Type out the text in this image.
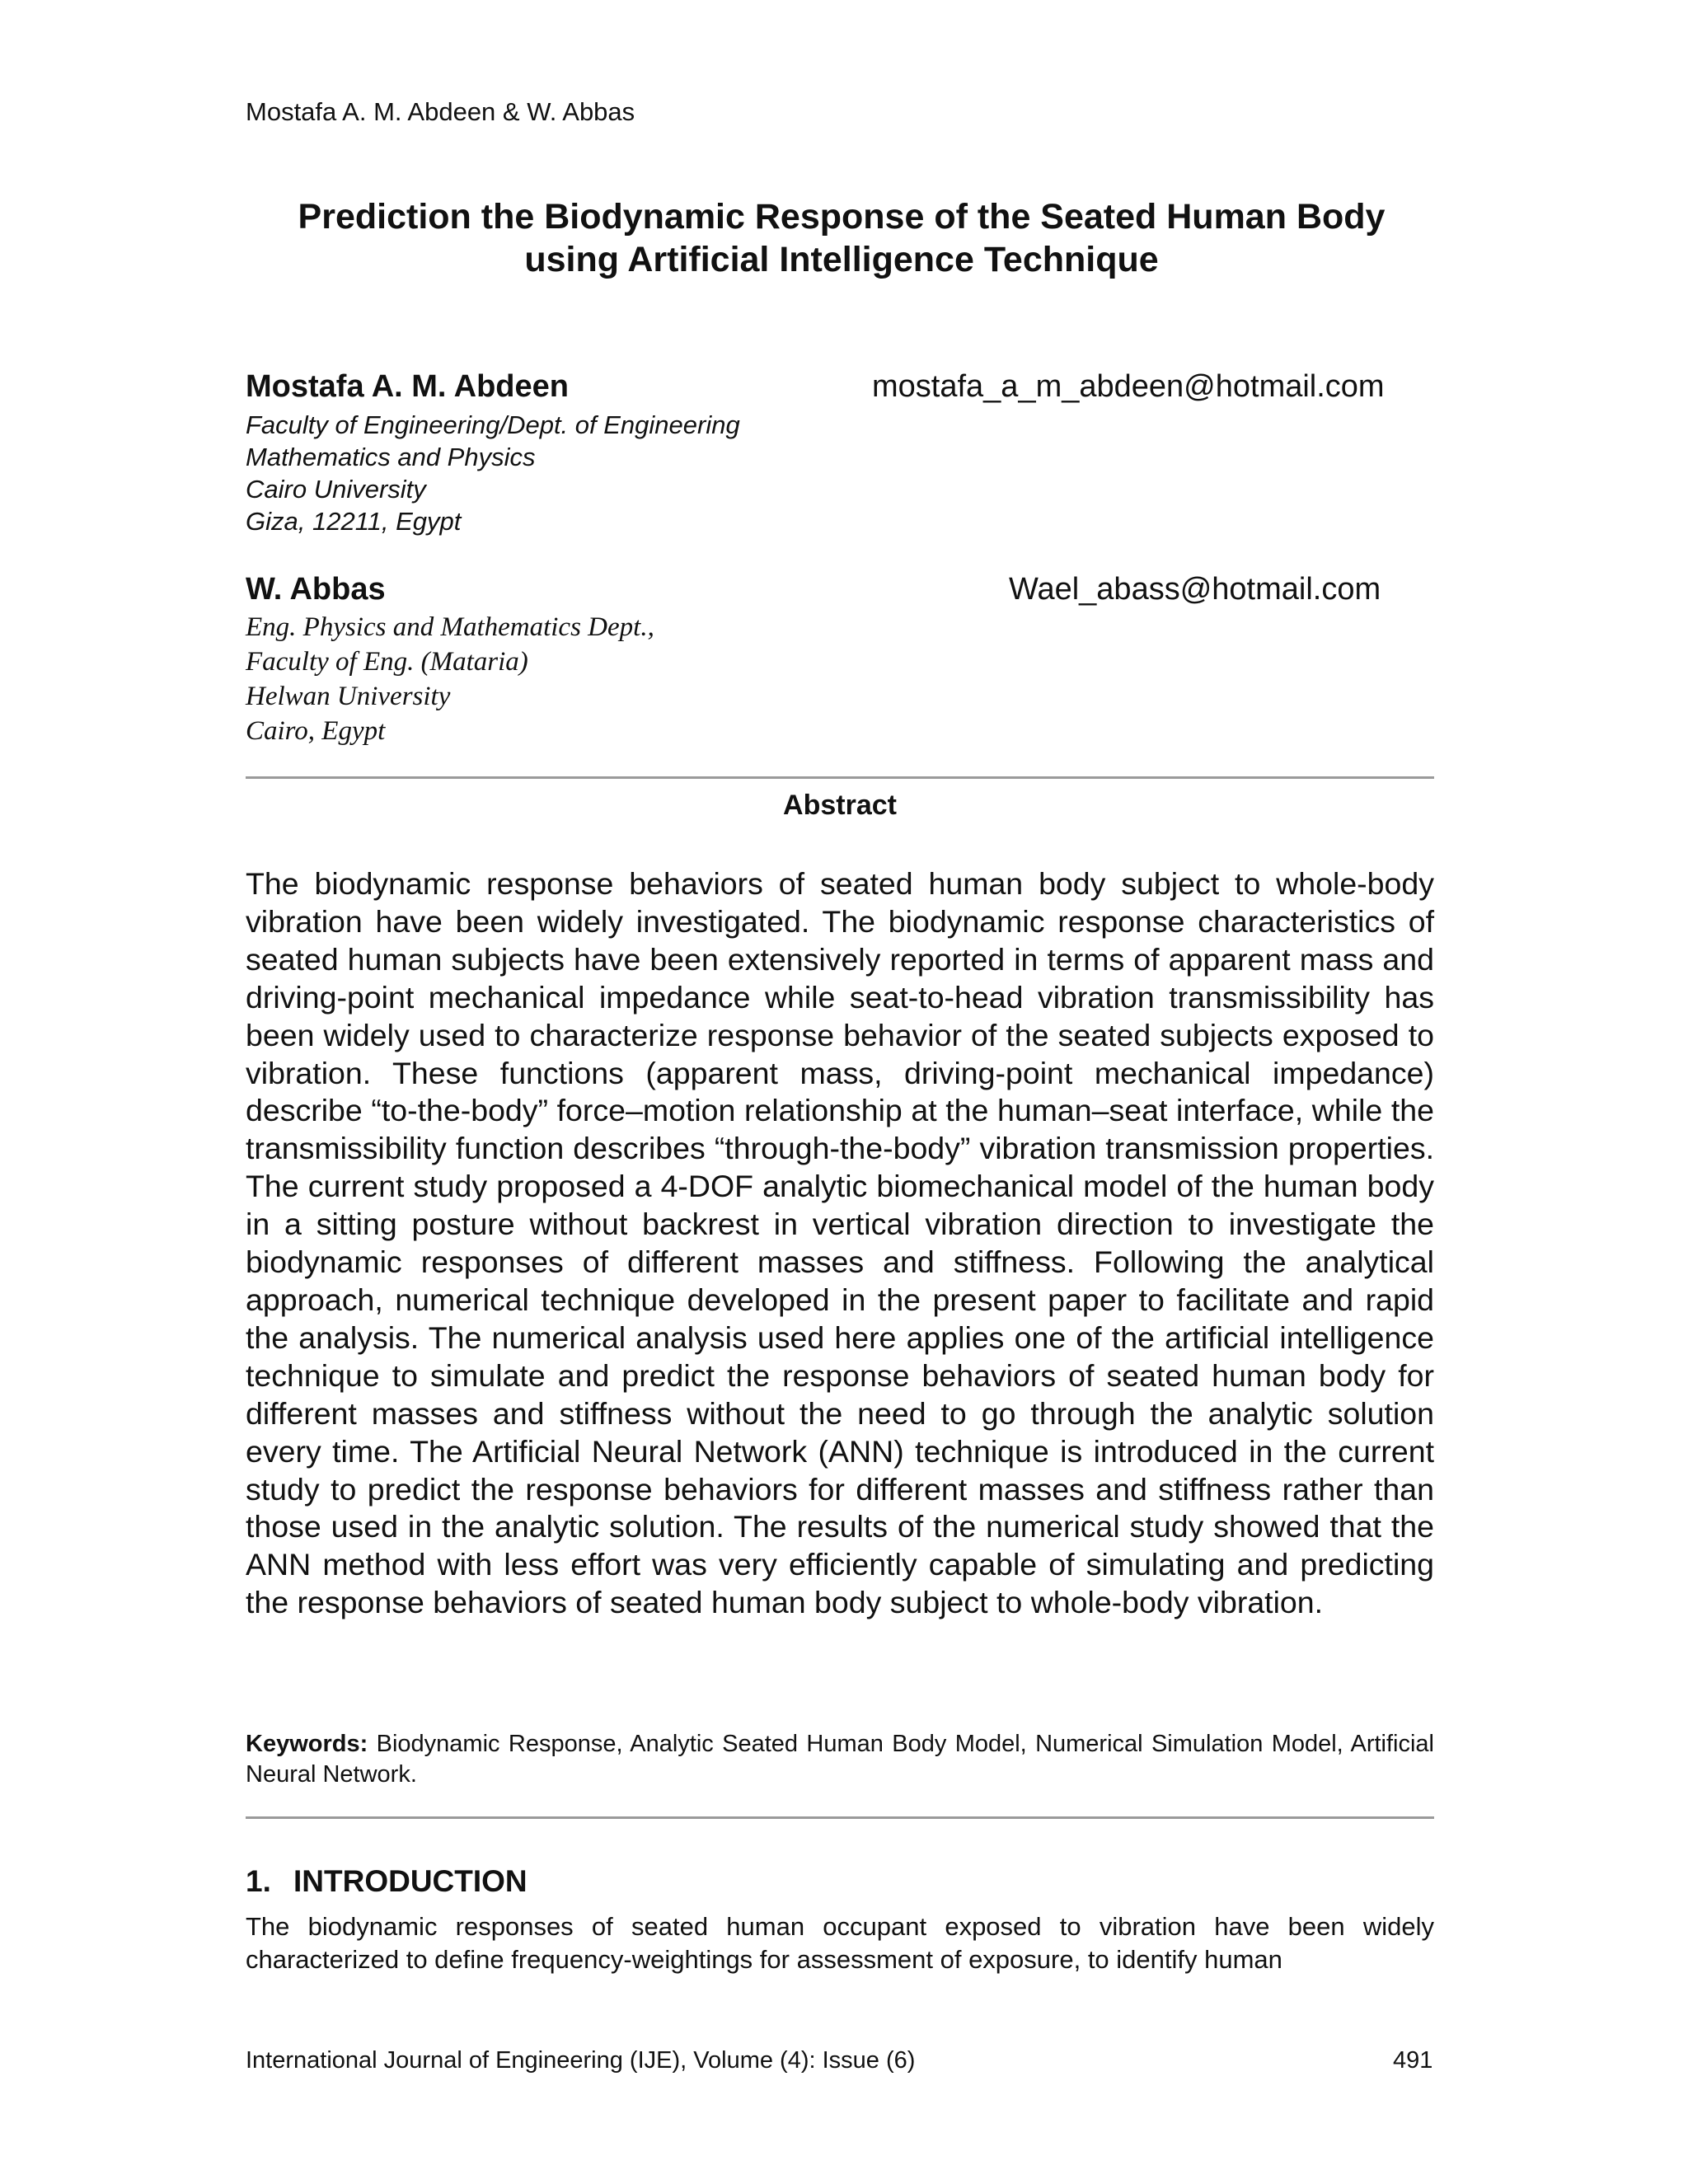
Mostafa A. M. Abdeen & W. Abbas
Prediction the Biodynamic Response of the Seated Human Body
using Artificial Intelligence Technique
Mostafa A. M. Abdeen	mostafa_a_m_abdeen@hotmail.com
Faculty of Engineering/Dept. of Engineering
Mathematics and Physics
Cairo University
Giza, 12211, Egypt
W. Abbas	Wael_abass@hotmail.com
Eng. Physics and Mathematics Dept.,
Faculty of Eng. (Mataria)
Helwan University
Cairo, Egypt
Abstract
The biodynamic response behaviors of seated human body subject to whole-body vibration have been widely investigated. The biodynamic response characteristics of seated human subjects have been extensively reported in terms of apparent mass and driving-point mechanical impedance while seat-to-head vibration transmissibility has been widely used to characterize response behavior of the seated subjects exposed to vibration. These functions (apparent mass, driving-point mechanical impedance) describe “to-the-body” force–motion relationship at the human–seat interface, while the transmissibility function describes “through-the-body” vibration transmission properties. The current study proposed a 4-DOF analytic biomechanical model of the human body in a sitting posture without backrest in vertical vibration direction to investigate the biodynamic responses of different masses and stiffness. Following the analytical approach, numerical technique developed in the present paper to facilitate and rapid the analysis. The numerical analysis used here applies one of the artificial intelligence technique to simulate and predict the response behaviors of seated human body for different masses and stiffness without the need to go through the analytic solution every time. The Artificial Neural Network (ANN) technique is introduced in the current study to predict the response behaviors for different masses and stiffness rather than those used in the analytic solution. The results of the numerical study showed that the ANN method with less effort was very efficiently capable of simulating and predicting the response behaviors of seated human body subject to whole-body vibration.
Keywords: Biodynamic Response, Analytic Seated Human Body Model, Numerical Simulation Model, Artificial Neural Network.
1. INTRODUCTION
The biodynamic responses of seated human occupant exposed to vibration have been widely characterized to define frequency-weightings for assessment of exposure, to identify human
International Journal of Engineering (IJE), Volume (4): Issue (6)	491
